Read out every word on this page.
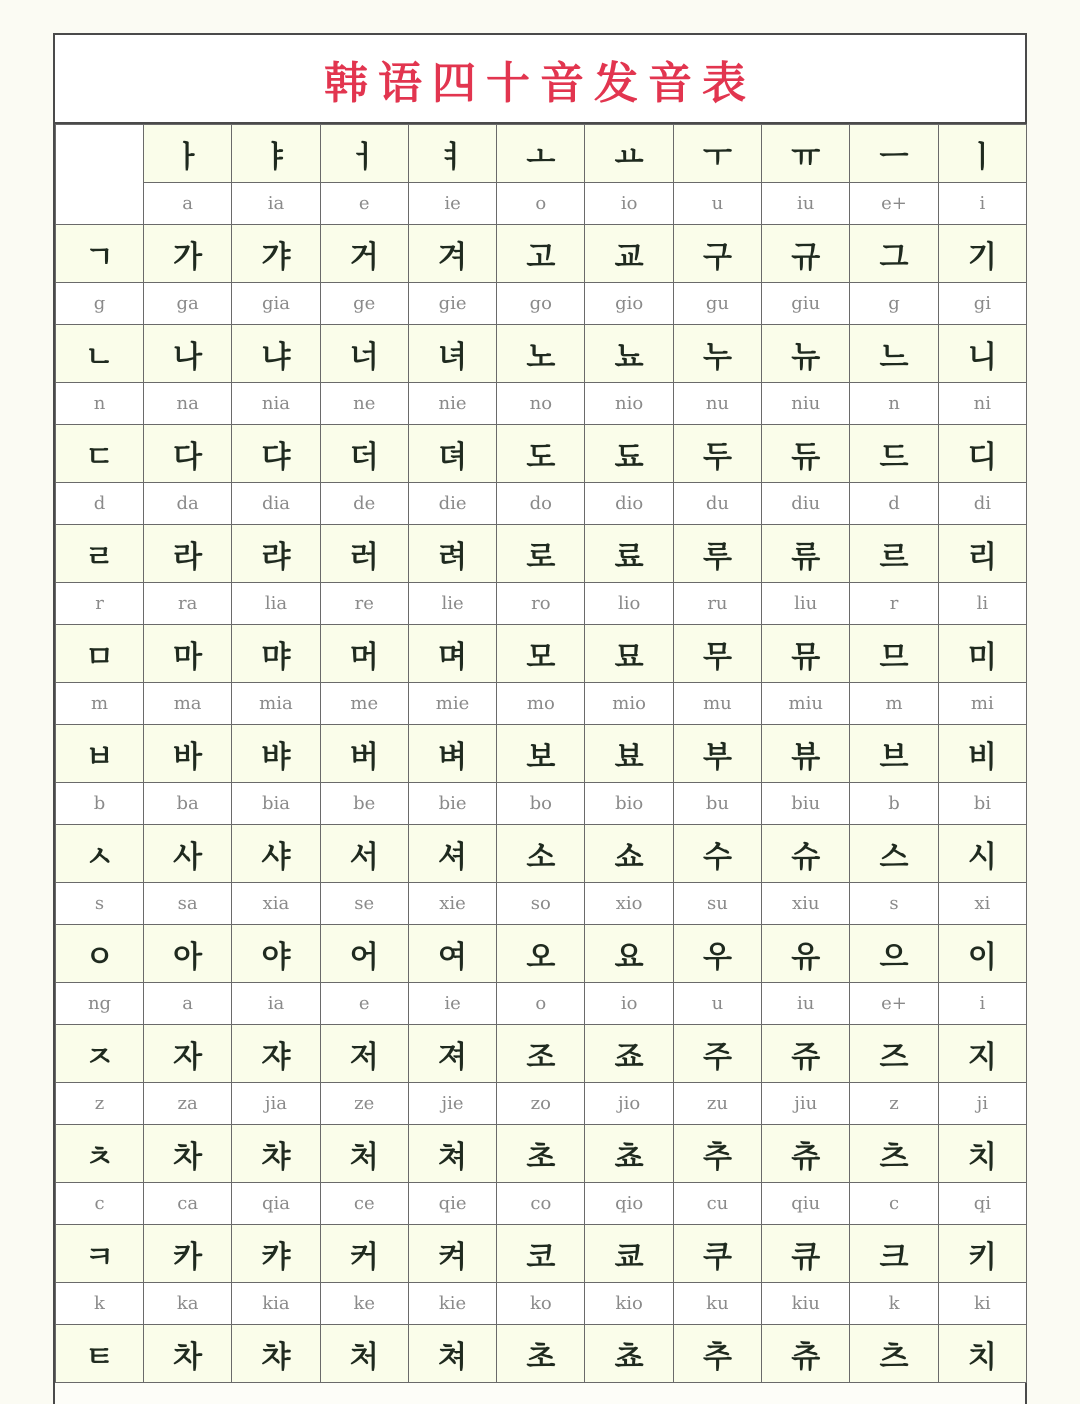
韩语四十音发音表
	ㅏ	ㅑ	ㅓ	ㅕ	ㅗ	ㅛ	ㅜ	ㅠ	ㅡ	ㅣ
	a	ia	e	ie	o	io	u	iu	e+	i
ㄱ	가	갸	거	겨	고	교	구	규	그	기
g	ga	gia	ge	gie	go	gio	gu	giu	g	gi
ㄴ	나	냐	너	녀	노	뇨	누	뉴	느	니
n	na	nia	ne	nie	no	nio	nu	niu	n	ni
ㄷ	다	댜	더	뎌	도	됴	두	듀	드	디
d	da	dia	de	die	do	dio	du	diu	d	di
ㄹ	라	랴	러	려	로	료	루	류	르	리
r	ra	lia	re	lie	ro	lio	ru	liu	r	li
ㅁ	마	먀	머	며	모	묘	무	뮤	므	미
m	ma	mia	me	mie	mo	mio	mu	miu	m	mi
ㅂ	바	뱌	버	벼	보	뵤	부	뷰	브	비
b	ba	bia	be	bie	bo	bio	bu	biu	b	bi
ㅅ	사	샤	서	셔	소	쇼	수	슈	스	시
s	sa	xia	se	xie	so	xio	su	xiu	s	xi
ㅇ	아	야	어	여	오	요	우	유	으	이
ng	a	ia	e	ie	o	io	u	iu	e+	i
ㅈ	자	쟈	저	져	조	죠	주	쥬	즈	지
z	za	jia	ze	jie	zo	jio	zu	jiu	z	ji
ㅊ	차	챠	처	쳐	초	쵸	추	츄	츠	치
c	ca	qia	ce	qie	co	qio	cu	qiu	c	qi
ㅋ	카	캬	커	켜	코	쿄	쿠	큐	크	키
k	ka	kia	ke	kie	ko	kio	ku	kiu	k	ki
ㅌ	차	챠	처	쳐	초	쵸	추	츄	츠	치
